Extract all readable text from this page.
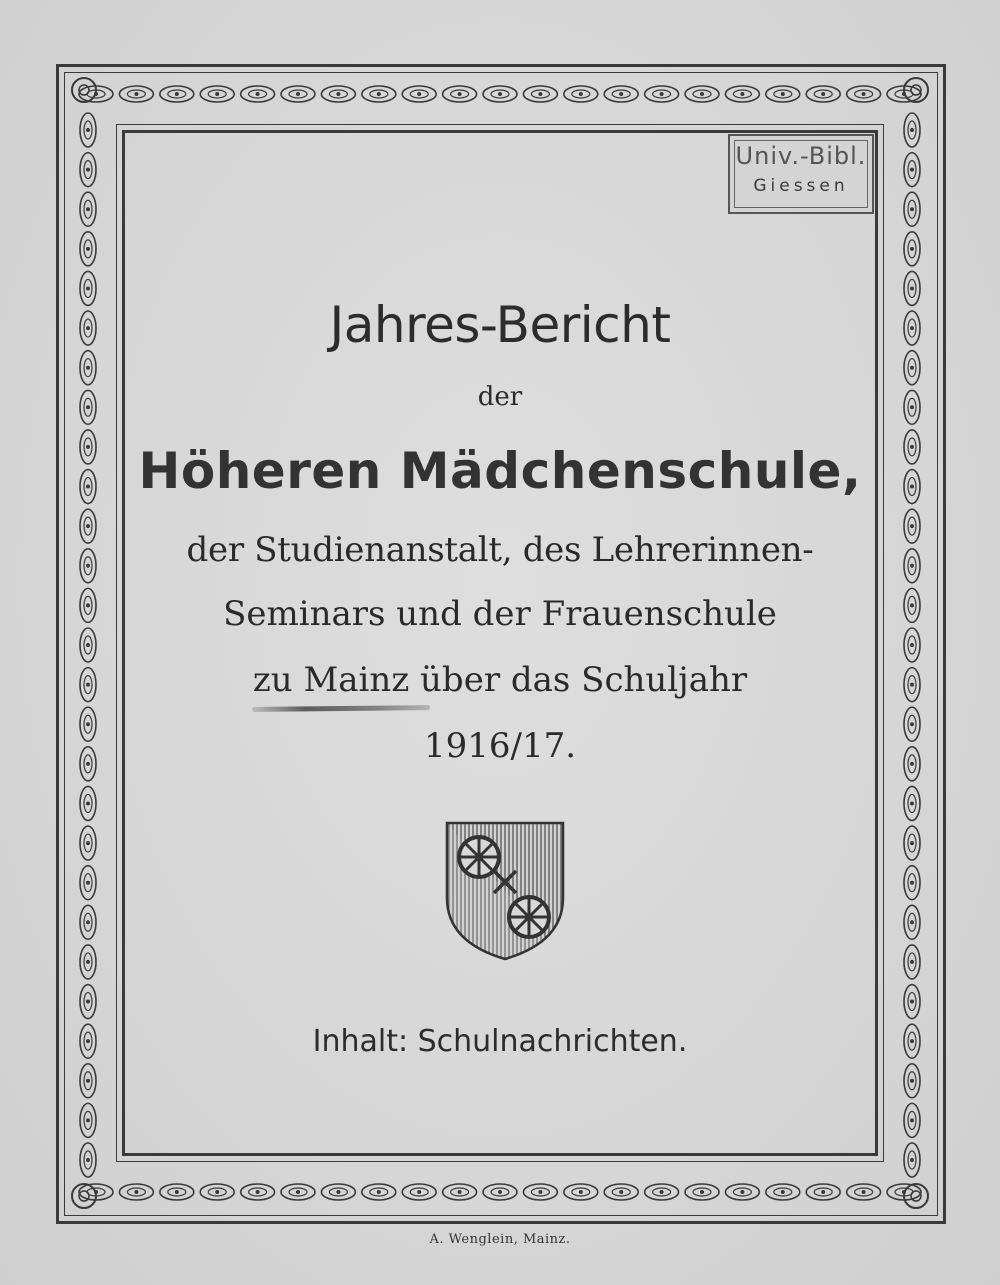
Univ.-Bibl.
Giessen
Jahres-Bericht
der
Höheren Mädchenschule,
der Studienanstalt, des Lehrerinnen-
Seminars und der Frauenschule
zu Mainz über das Schuljahr
1916/17.
Inhalt: Schulnachrichten.
A. Wenglein, Mainz.
